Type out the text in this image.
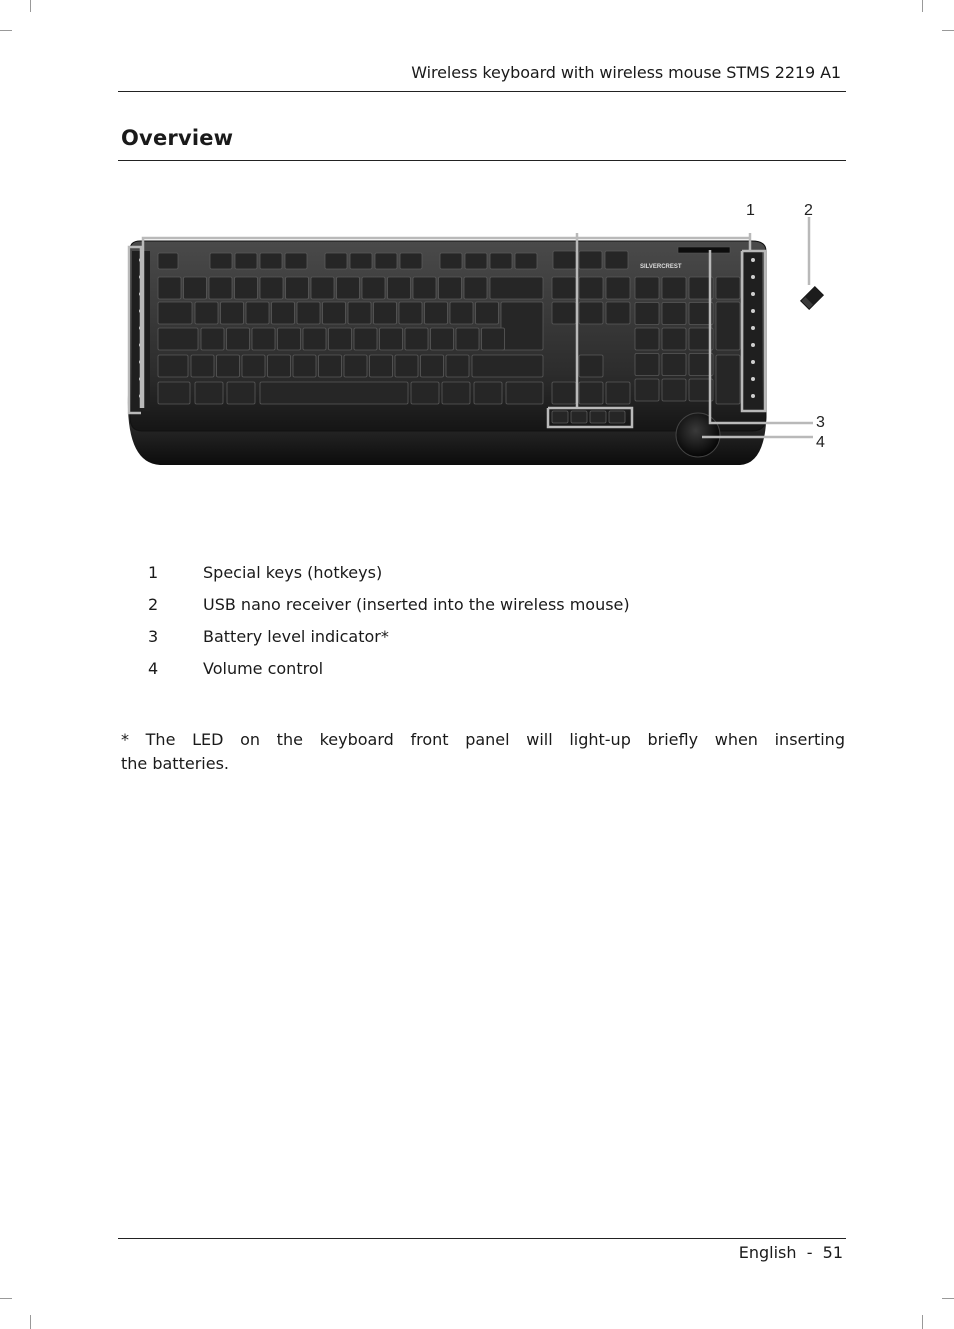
Wireless keyboard with wireless mouse STMS 2219 A1
Overview
SILVERCREST
1	2
3
4
1	Special keys (hotkeys)
2	USB nano receiver (inserted into the wireless mouse)
3	Battery level indicator*
4	Volume control
* The LED on the keyboard front panel will light-up briefly when inserting
the batteries.
English  -  51
